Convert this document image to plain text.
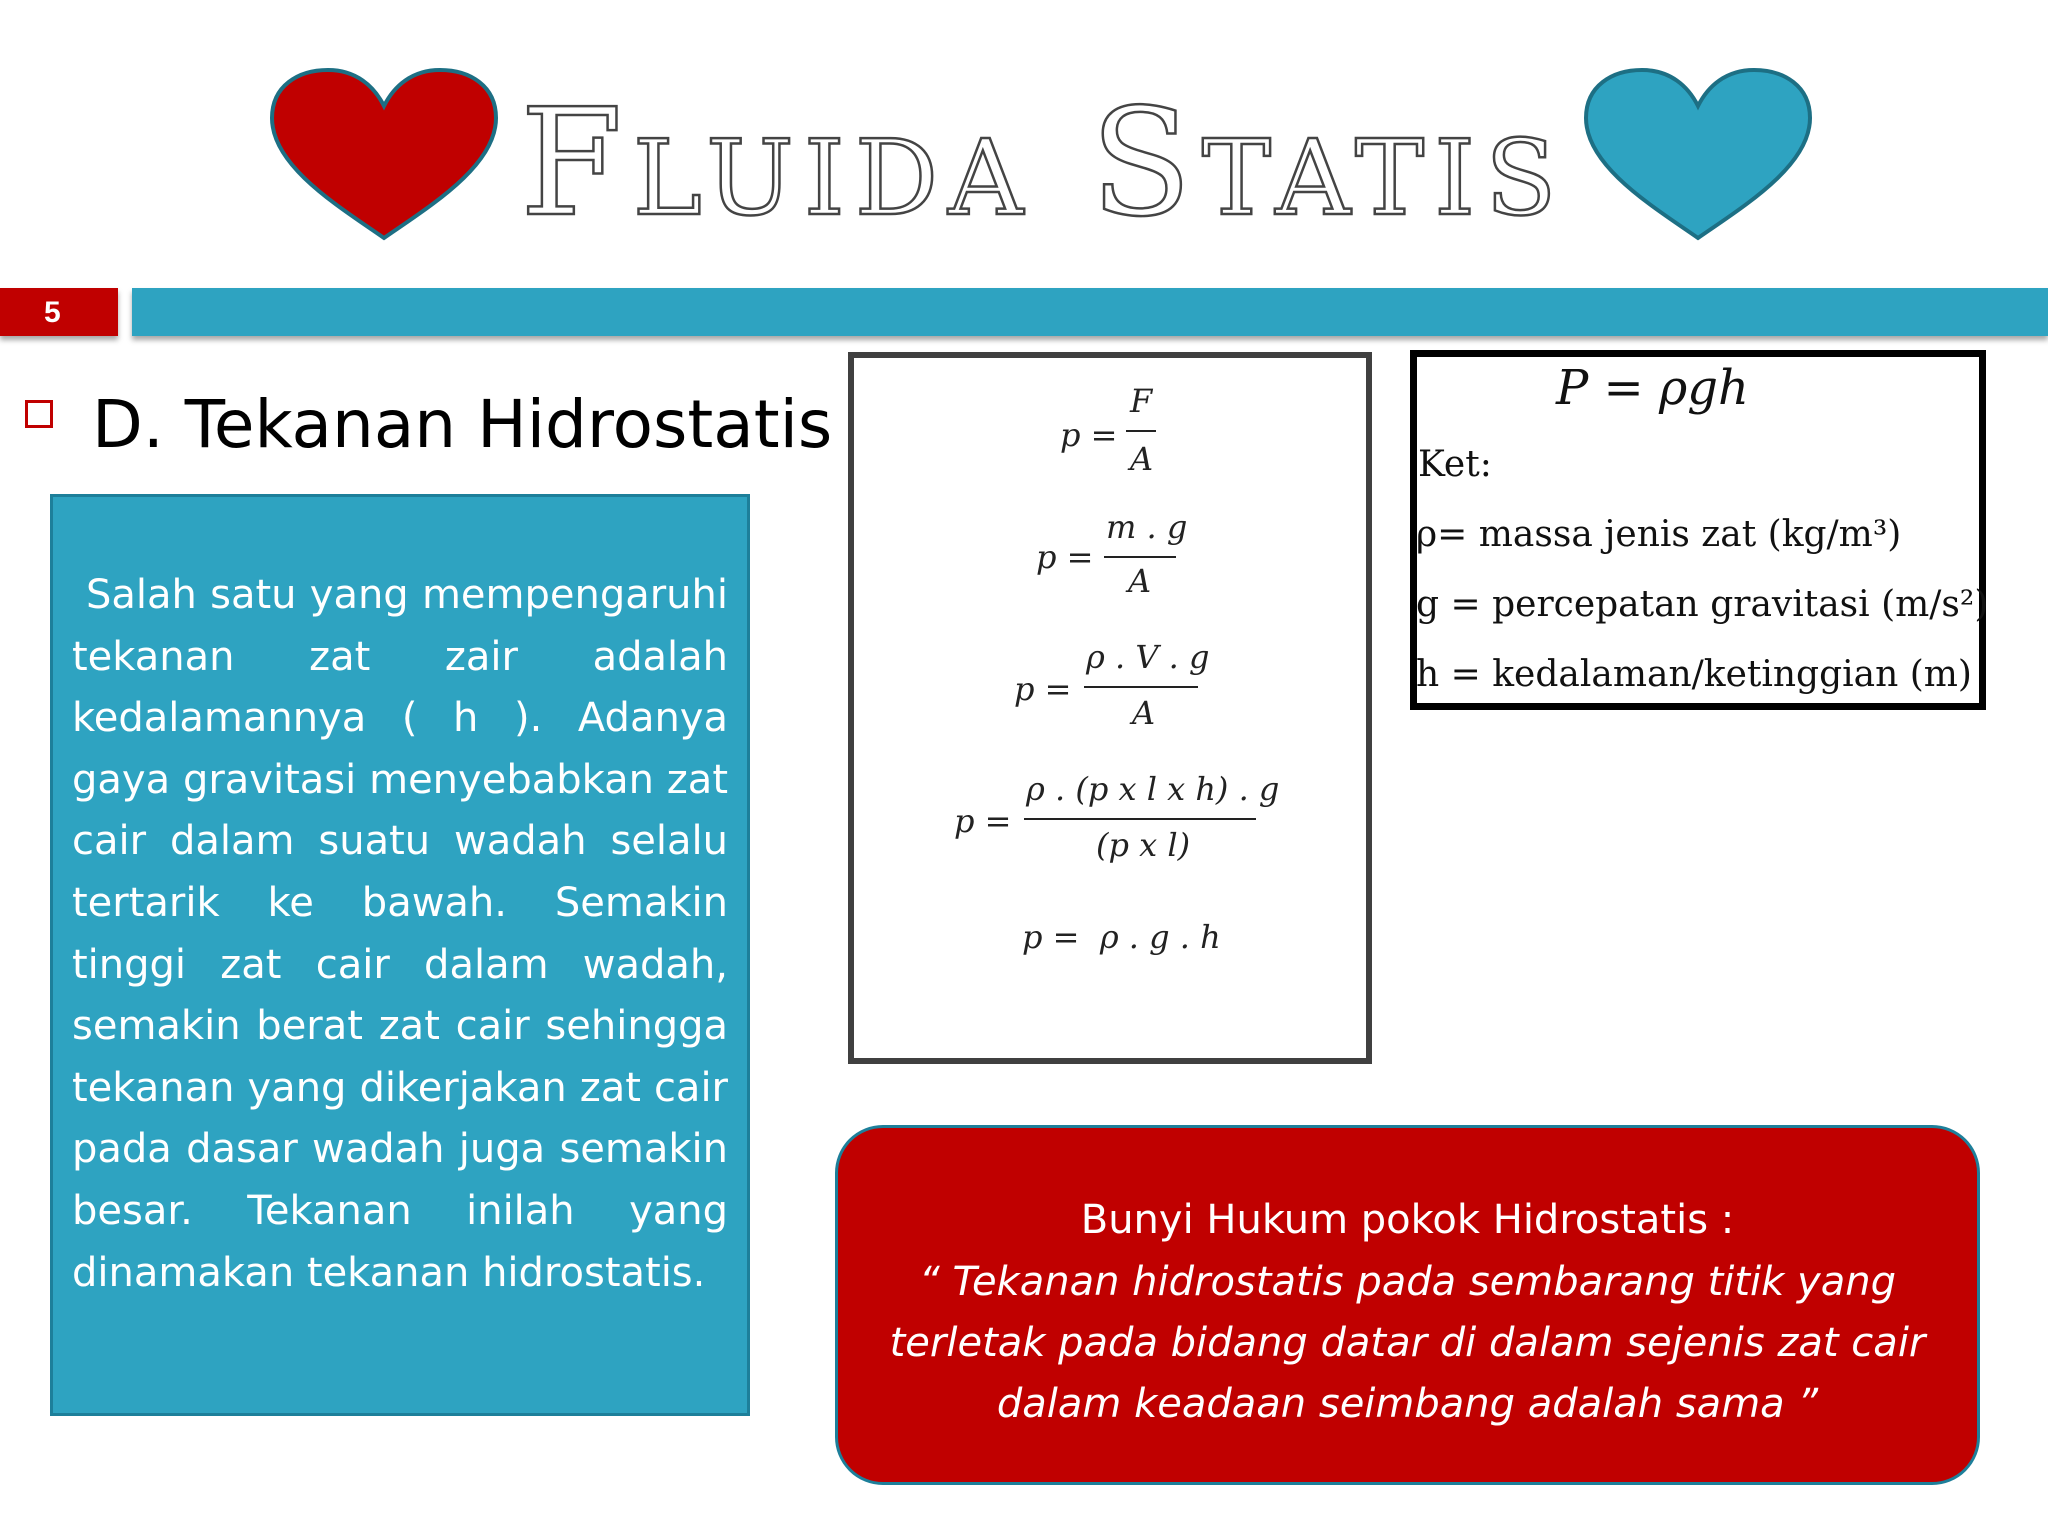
Fluida Statis
5
D. Tekanan Hidrostatis
Salah satu yang mempengaruhi tekanan zat zair adalah kedalamannya ( h ). Adanya gaya gravitasi menyebabkan zat cair dalam suatu wadah selalu tertarik ke bawah. Semakin tinggi zat cair dalam wadah, semakin berat zat cair sehingga tekanan yang dikerjakan zat cair pada dasar wadah juga semakin besar. Tekanan inilah yang dinamakan tekanan hidrostatis.
p =
F
A
p =
m . g
A
p =
ρ . V . g
A
p =
ρ . (p x l x h) . g
(p x l)
p =  ρ . g . h
P = ρgh
Ket:
ρ= massa jenis zat (kg/m³)
g = percepatan gravitasi (m/s²)
h = kedalaman/ketinggian (m)
Bunyi Hukum pokok Hidrostatis :
“ Tekanan hidrostatis pada sembarang titik yang
terletak pada bidang datar di dalam sejenis zat cair
dalam keadaan seimbang adalah sama ”
